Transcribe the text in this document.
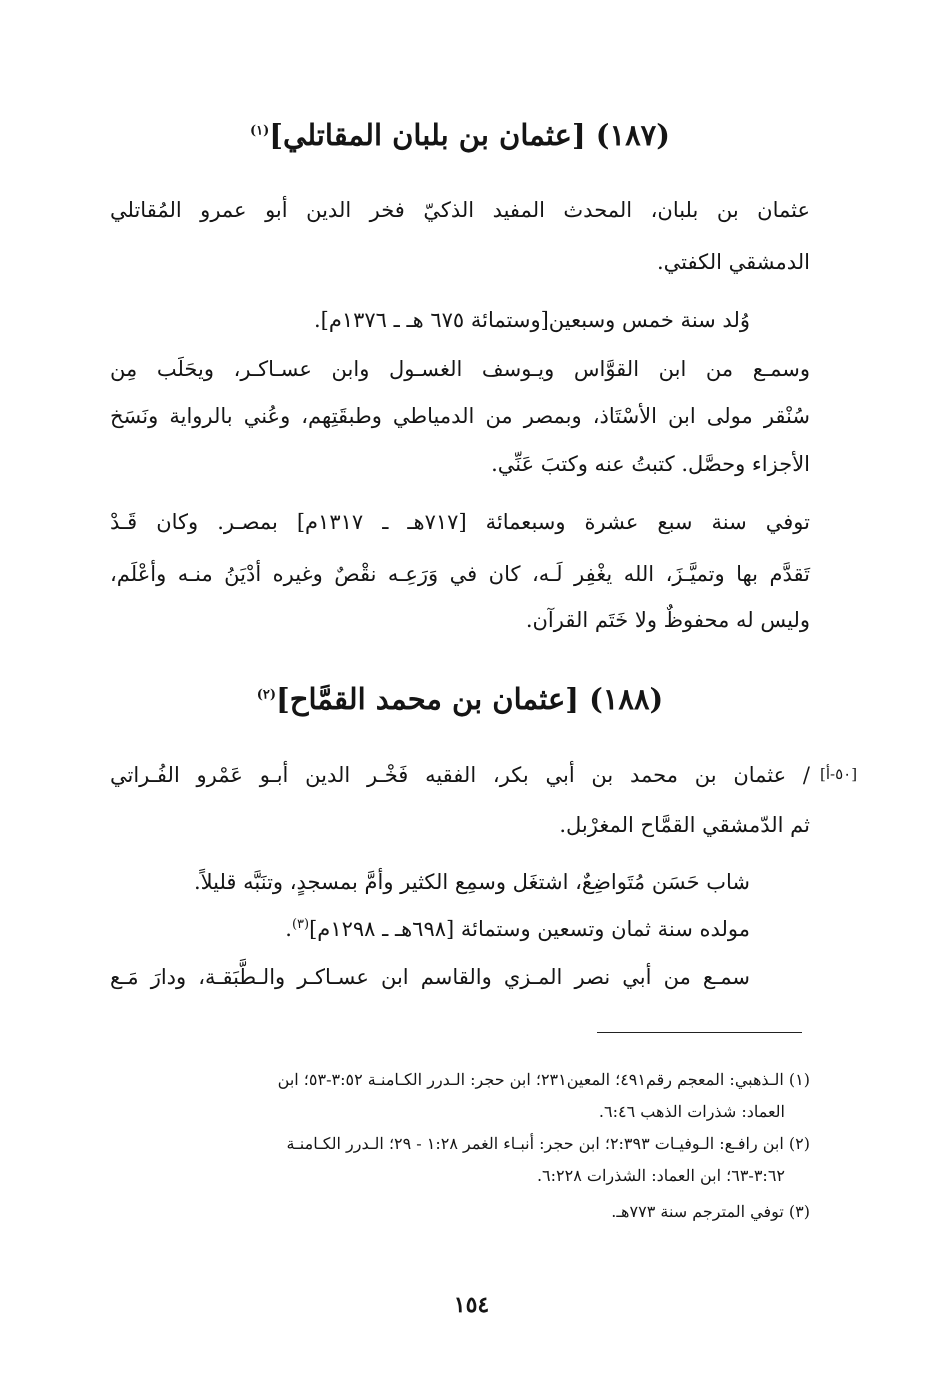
(١٨٧) [عثمان بن بلبان المقاتلي]$^{(١)}$
عثمان بن بلبان، المحدث المفيد الذكيّ فخر الدين أبو عمرو المُقاتلي
الدمشقي الكفتي.
وُلد سنة خمس وسبعين[وستمائة ٦٧٥ هـ ـ ١٣٧٦م].
وسمـع من ابن القوَّاس ويـوسف الغسـول وابن عسـاكـر، ويحَلَب مِن
سُنْقر مولى ابن الأسْتَاذ، وبمصر من الدمياطي وطبقَتِهم، وعُني بالرواية ونَسَخ
الأجزاء وحصَّل. كتبتُ عنه وكتبَ عَنِّي.
توفي سنة سبع عشرة وسبعمائة [٧١٧هـ ـ ١٣١٧م] بمصـر. وكان قَـدْ
تَقدَّم بها وتميَّـزَ، الله يغْفِر لَـه، كان في وَرَعِـه نقْصٌ وغيره أدْيَنُ منـه وأعْلَم،
وليس له محفوظٌ ولا خَتَم القرآن.
(١٨٨) [عثمان بن محمد القمَّاح]$^{(٢)}$
[٥٠-أ]
/ عثمان بن محمد بن أبي بكر، الفقيه فَخْـر الدين أبـو عَمْرو الفُـراتي
ثم الدّمشقي القمَّاح المغرْبل.
شاب حَسَن مُتَواضِعٌ، اشتغَل وسمِع الكثير وأمَّ بمسجدٍ، وتنَبَّه قليلاً.
مولده سنة ثمان وتسعين وستمائة [٦٩٨هـ ـ ١٢٩٨م]$^{(٣)}$.
سمـع من أبي نصر المـزي والقاسم ابن عسـاكـر والـطَّبَقـة، ودارَ مَـع
(١) الـذهبي: المعجم رقم٤٩١؛ المعين٢٣١؛ ابن حجر: الـدرر الكـامنـة ٣:٥٢-٥٣؛ ابن
العماد: شذرات الذهب ٦:٤٦.
(٢) ابن رافـع: الـوفيـات ٢:٣٩٣؛ ابن حجر: أنبـاء الغمر ١:٢٨ - ٢٩؛ الـدرر الكـامنـة
٣:٦٢-٦٣؛ ابن العماد: الشذرات ٦:٢٢٨.
(٣) توفي المترجم سنة ٧٧٣هـ.
١٥٤
